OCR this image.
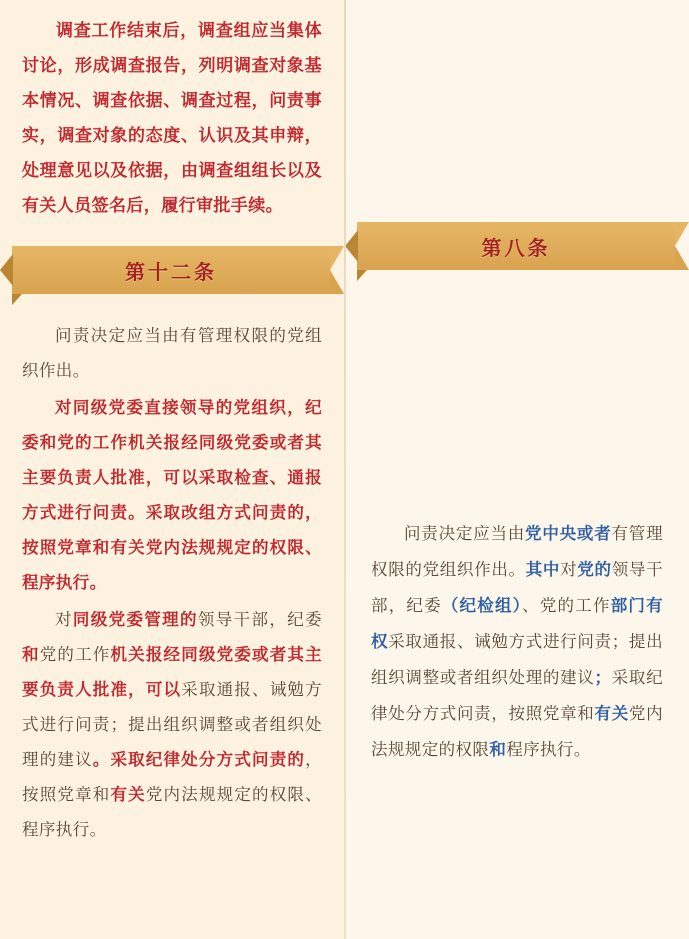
调查工作结束后，调查组应当集体讨论，形成调查报告，列明调查对象基本情况、调查依据、调查过程，问责事实，调查对象的态度、认识及其申辩，处理意见以及依据，由调查组组长以及有关人员签名后，履行审批手续。

第十二条

问责决定应当由有管理权限的党组织作出。

对同级党委直接领导的党组织，纪委和党的工作机关报经同级党委或者其主要负责人批准，可以采取检查、通报方式进行问责。采取改组方式问责的，按照党章和有关党内法规规定的权限、程序执行。

对同级党委管理的领导干部，纪委和党的工作机关报经同级党委或者其主要负责人批准，可以采取通报、诫勉方式进行问责；提出组织调整或者组织处理的建议。采取纪律处分方式问责的，按照党章和有关党内法规规定的权限、程序执行。

第八条

问责决定应当由党中央或者有管理权限的党组织作出。其中对党的领导干部，纪委（纪检组）、党的工作部门有权采取通报、诫勉方式进行问责；提出组织调整或者组织处理的建议；采取纪律处分方式问责，按照党章和有关党内法规规定的权限和程序执行。
